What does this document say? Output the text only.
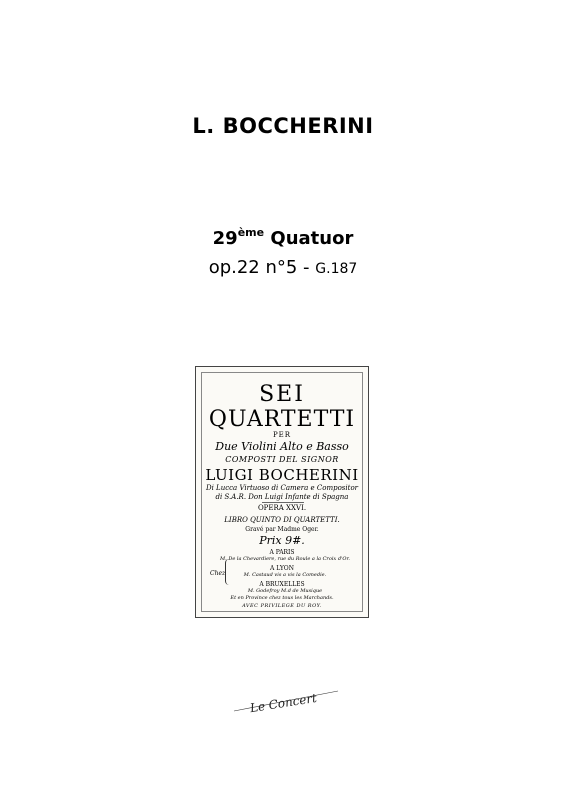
L. BOCCHERINI
29ème Quatuor
op.22 n°5 - G.187
SEI
QUARTETTI
PER
Due Violini Alto e Basso
COMPOSTI DEL SIGNOR
LUIGI BOCHERINI
Di Lucca Virtuoso di Camera e Compositor
di S.A.R. Don Luigi Infante di Spagna
OPERA XXVI.
LIBRO QUINTO DI QUARTETTI.
Gravé par Madme Oger.
Prix 9#.
A PARIS
M. De la Chevardiere, rue du Roule a la Croix d'Or.
A LYON
M. Castaud vis a vis la Comedie.
A BRUXELLES
M. Godefroy M.d de Musique
Et en Province chez tous les Marchands.
AVEC PRIVILEGE DU ROY.
Chez
Le Concert
